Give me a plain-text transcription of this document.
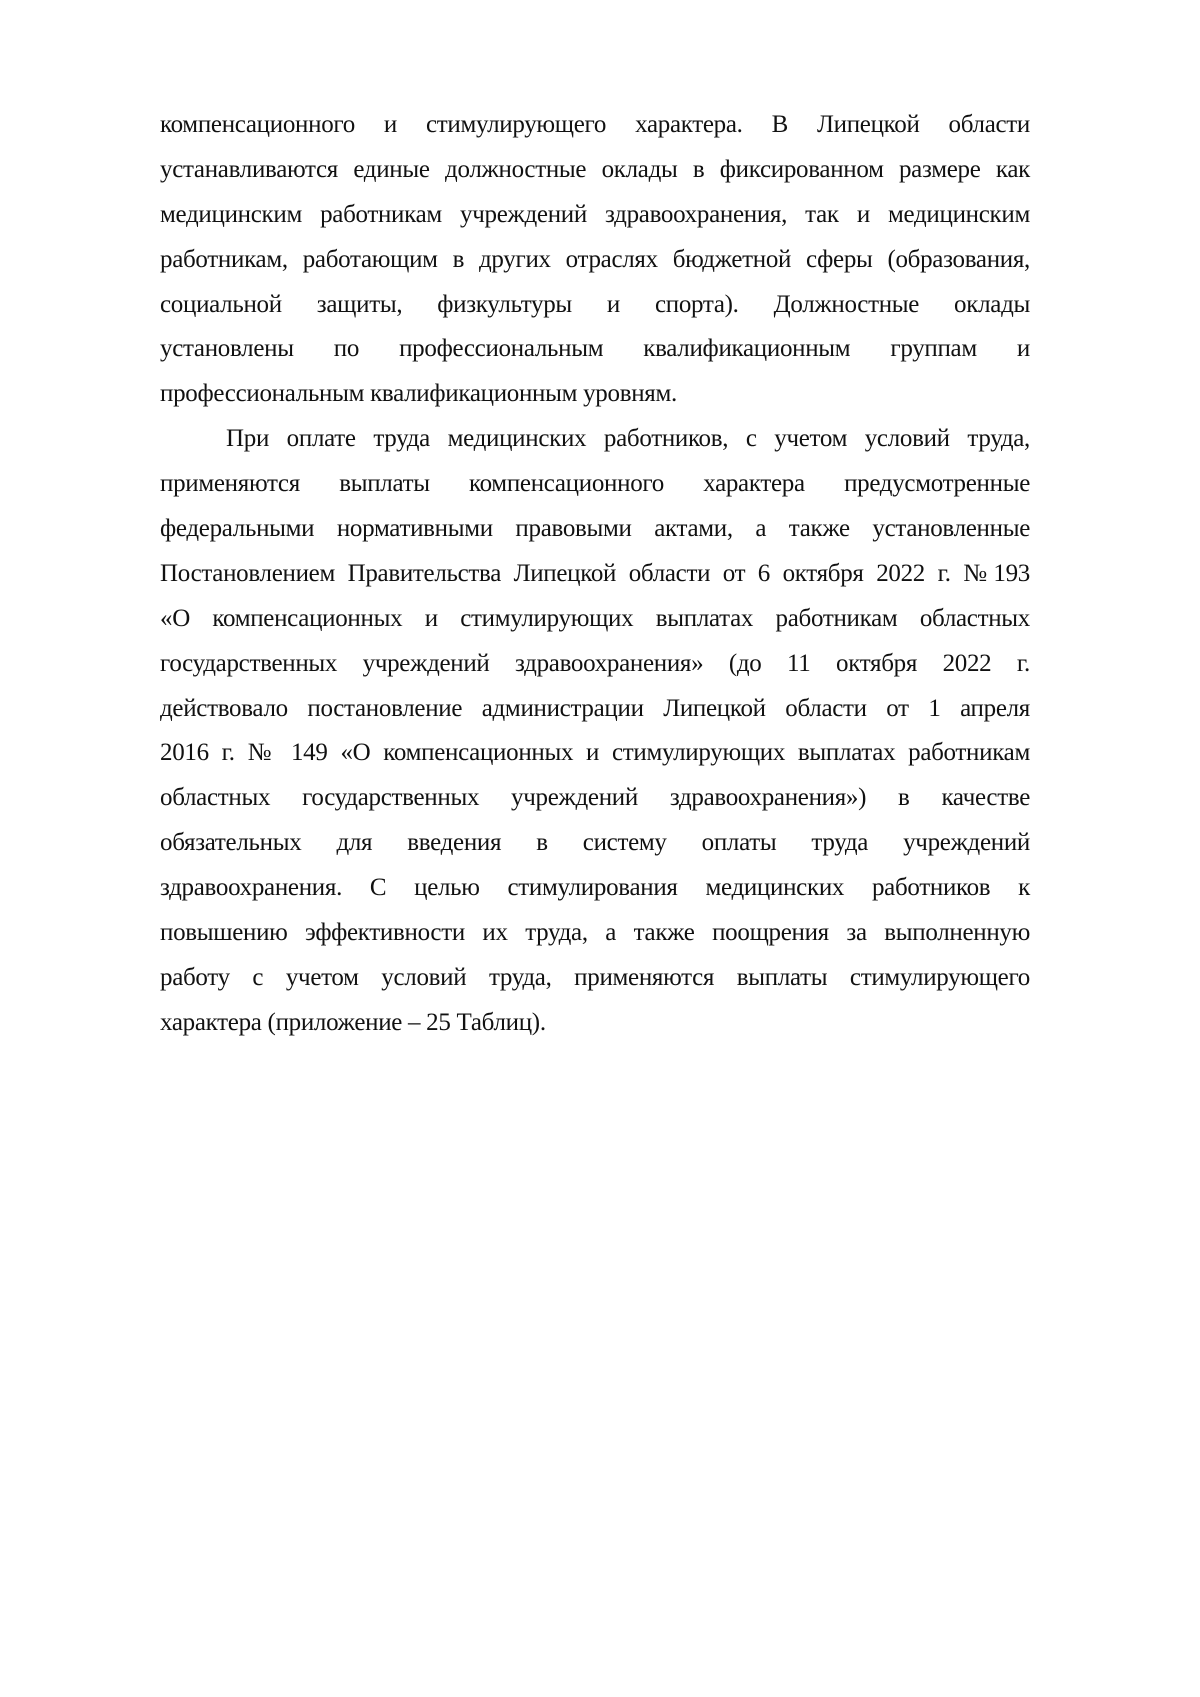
компенсационного и стимулирующего характера. В Липецкой области
устанавливаются единые должностные оклады в фиксированном размере как
медицинским работникам учреждений здравоохранения, так и медицинским
работникам, работающим в других отраслях бюджетной сферы (образования,
социальной защиты, физкультуры и спорта). Должностные оклады
установлены по профессиональным квалификационным группам и
профессиональным квалификационным уровням.
При оплате труда медицинских работников, с учетом условий труда,
применяются выплаты компенсационного характера предусмотренные
федеральными нормативными правовыми актами, а также установленные
Постановлением Правительства Липецкой области от 6 октября 2022 г. №193
«О компенсационных и стимулирующих выплатах работникам областных
государственных учреждений здравоохранения» (до 11 октября 2022 г.
действовало постановление администрации Липецкой области от 1 апреля
2016 г. № 149 «О компенсационных и стимулирующих выплатах работникам
областных государственных учреждений здравоохранения») в качестве
обязательных для введения в систему оплаты труда учреждений
здравоохранения. С целью стимулирования медицинских работников к
повышению эффективности их труда, а также поощрения за выполненную
работу с учетом условий труда, применяются выплаты стимулирующего
характера (приложение – 25 Таблиц).
